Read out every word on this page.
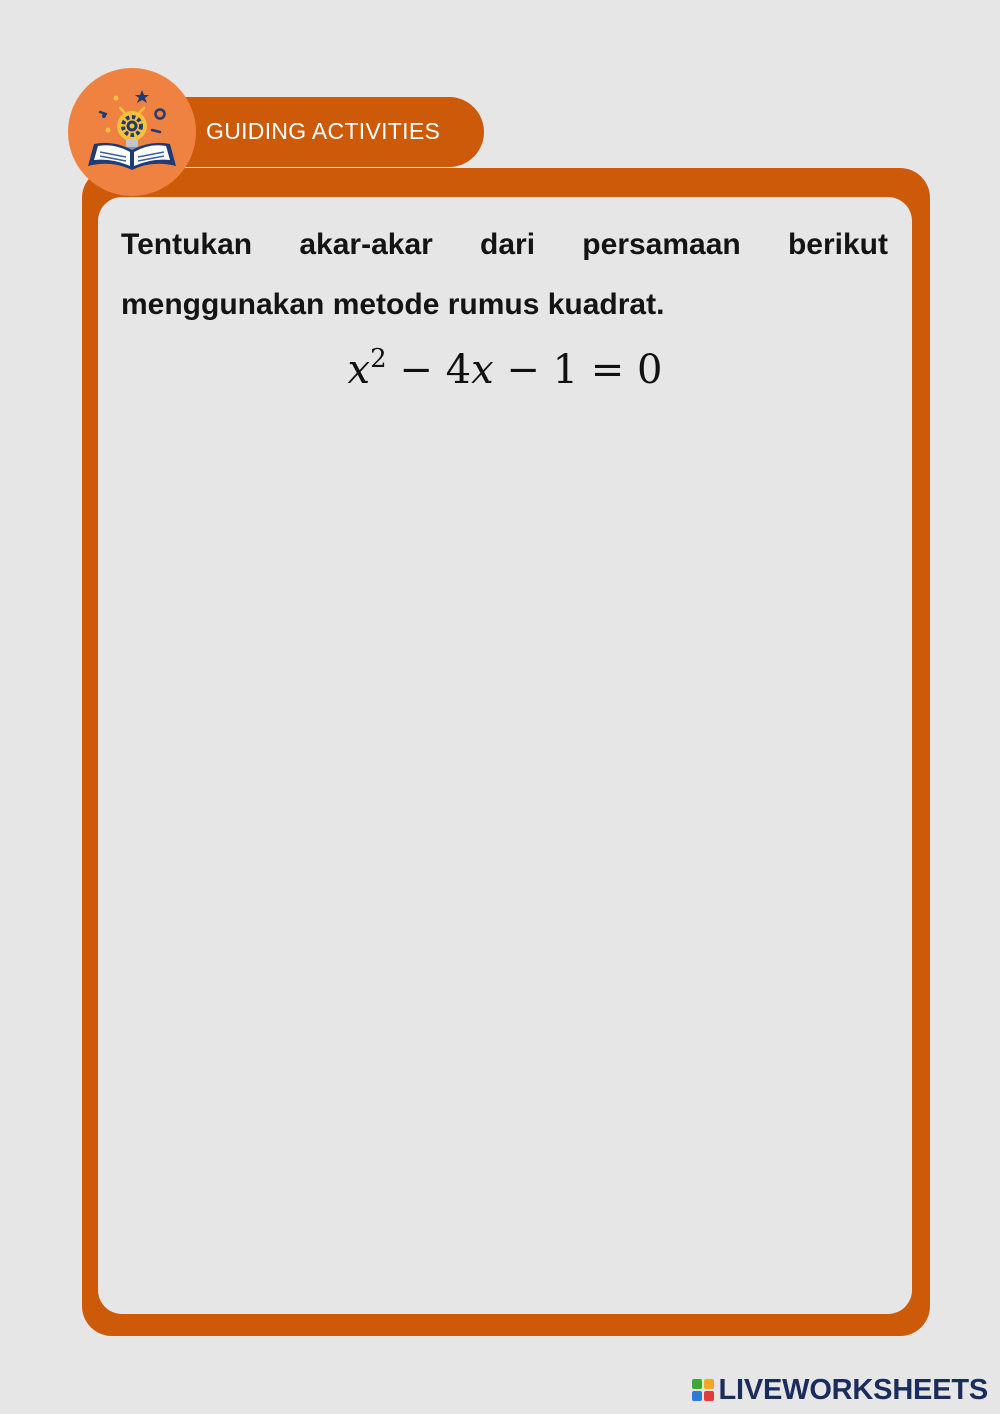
GUIDING ACTIVITIES
Tentukan akar-akar dari persamaan berikut menggunakan metode rumus kuadrat.
$x^2 - 4x - 1 = 0$
LIVEWORKSHEETS
